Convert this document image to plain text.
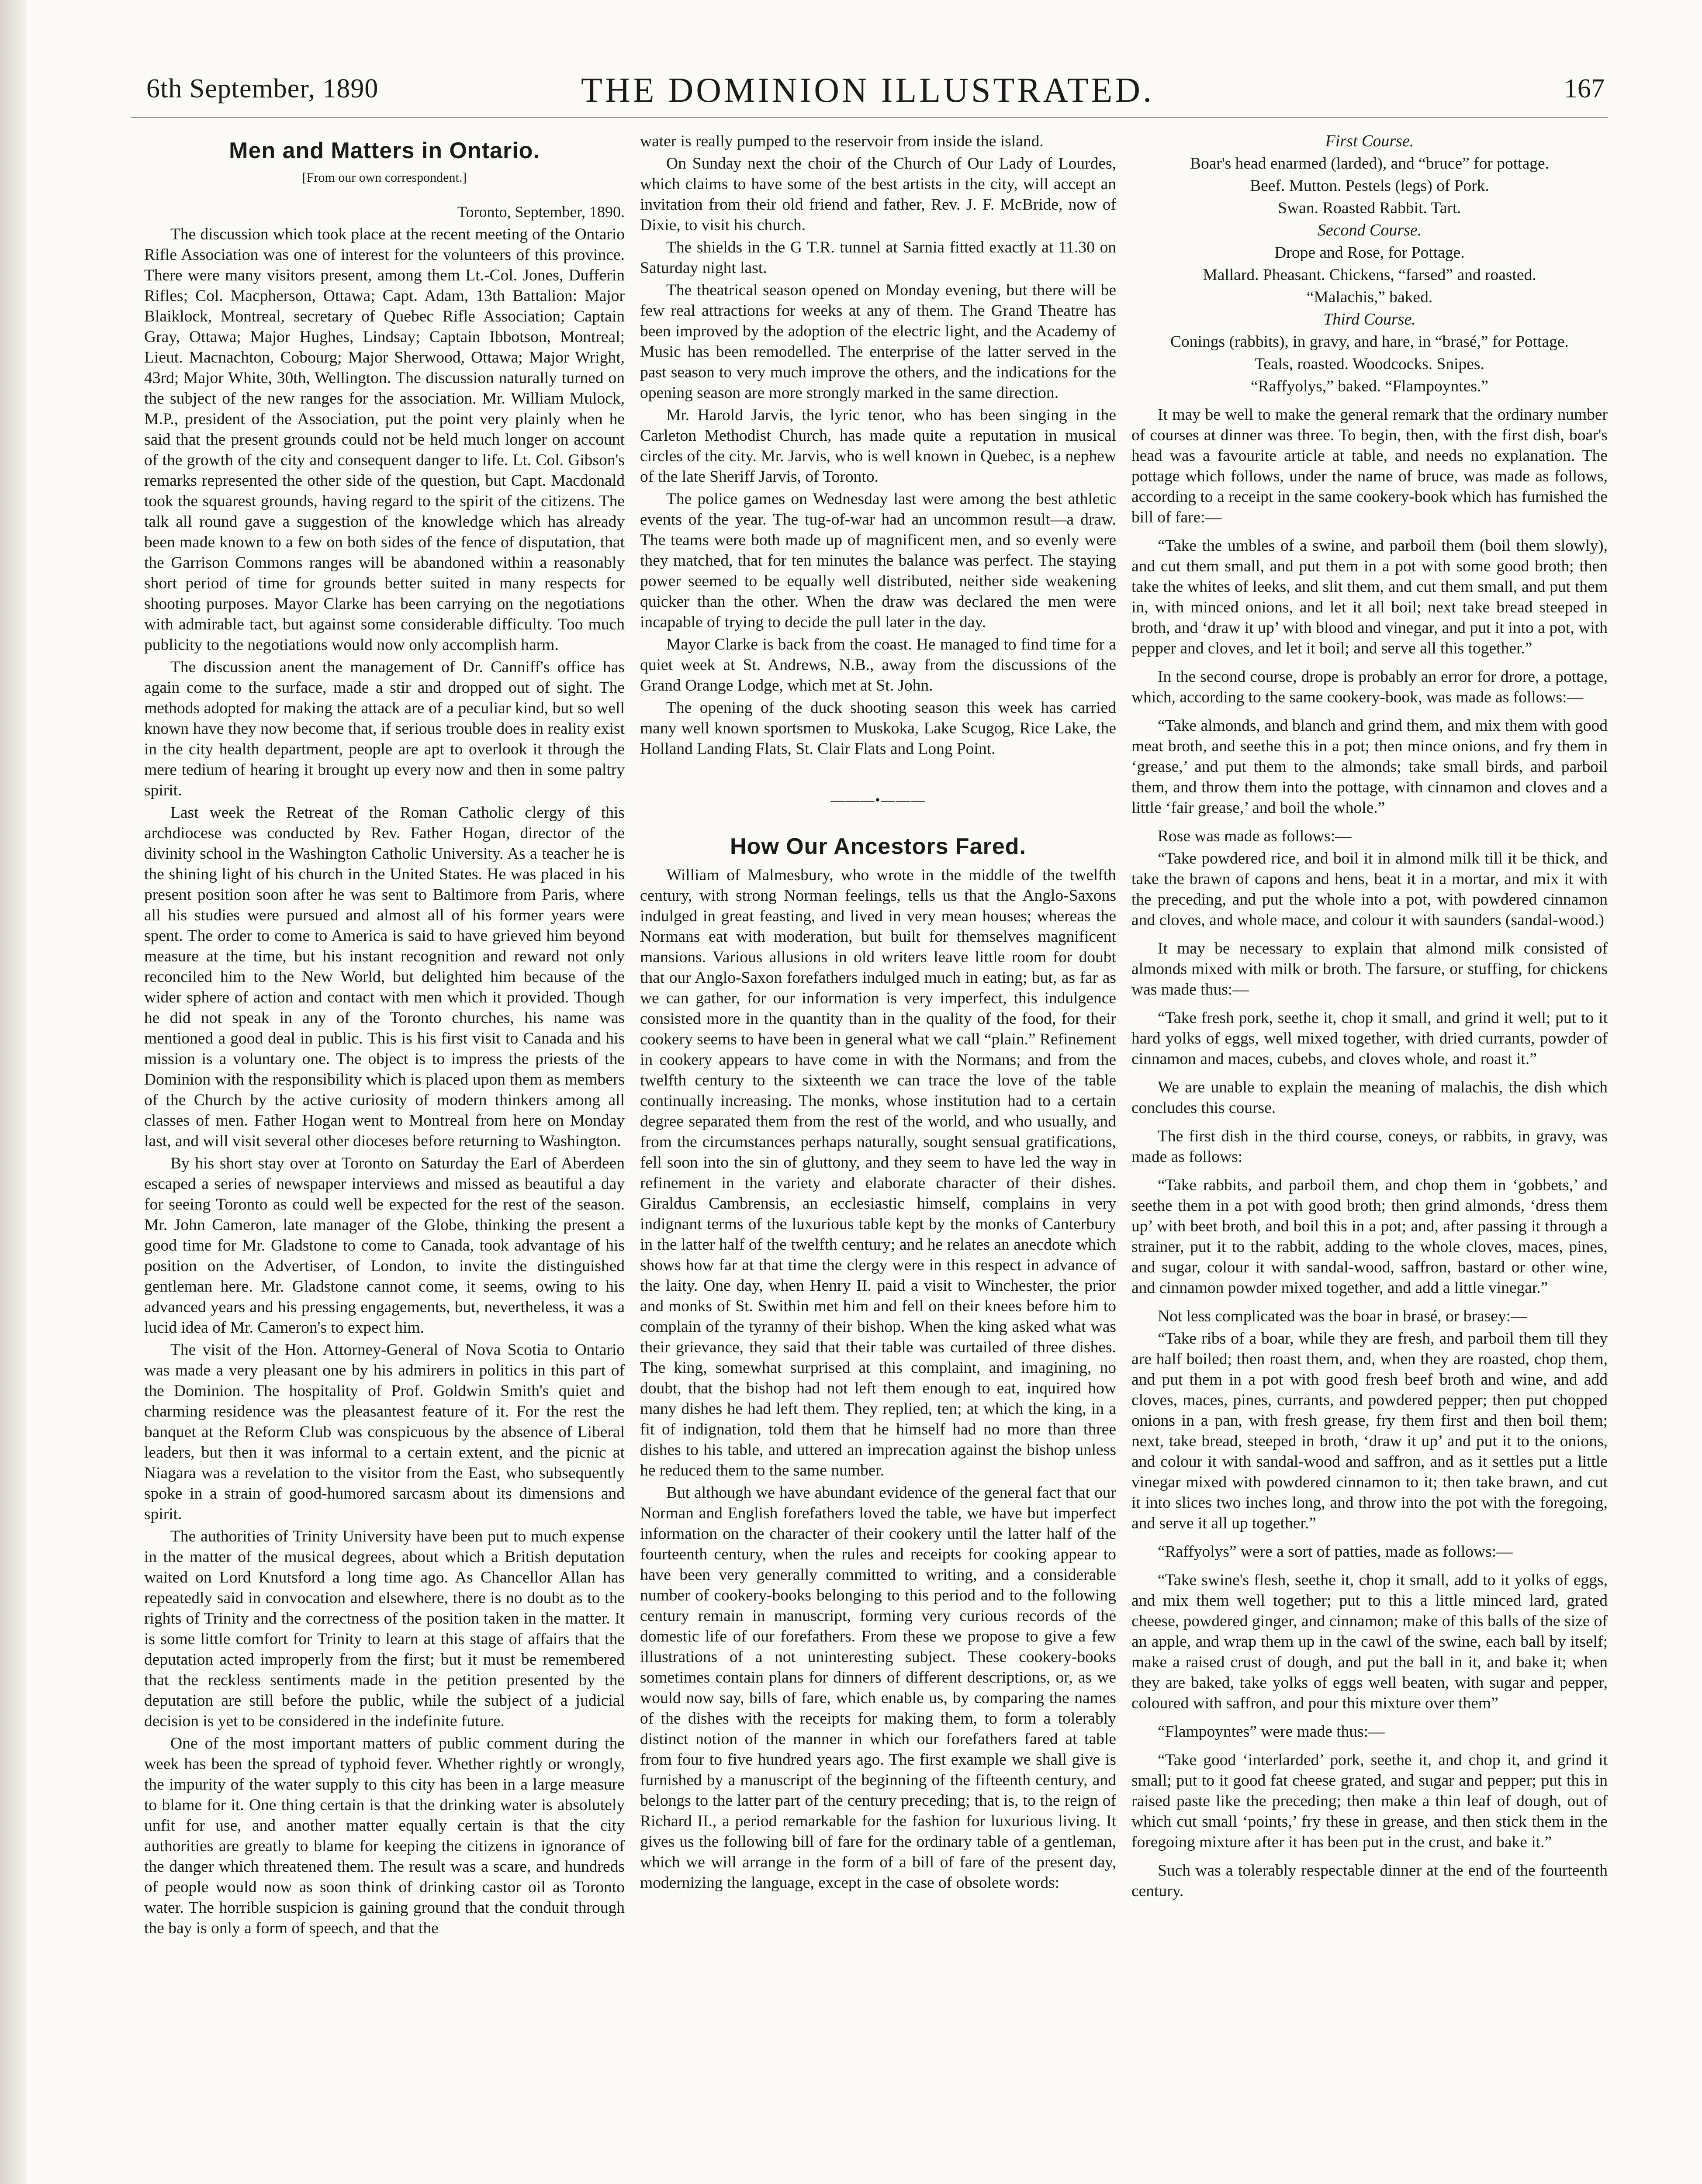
6th September, 1890	THE DOMINION ILLUSTRATED.	167
Men and Matters in Ontario.
[From our own correspondent.]

Toronto, September, 1890.

The discussion which took place at the recent meeting of the Ontario Rifle Association was one of interest for the volunteers of this province. There were many visitors present, among them Lt.-Col. Jones, Dufferin Rifles; Col. Macpherson, Ottawa; Capt. Adam, 13th Battalion: Major Blaiklock, Montreal, secretary of Quebec Rifle Association; Captain Gray, Ottawa; Major Hughes, Lindsay; Captain Ibbotson, Montreal; Lieut. Macnachton, Cobourg; Major Sherwood, Ottawa; Major Wright, 43rd; Major White, 30th, Wellington. The discussion naturally turned on the subject of the new ranges for the association. Mr. William Mulock, M.P., president of the Association, put the point very plainly when he said that the present grounds could not be held much longer on account of the growth of the city and consequent danger to life. Lt. Col. Gibson's remarks represented the other side of the question, but Capt. Macdonald took the squarest grounds, having regard to the spirit of the citizens. The talk all round gave a suggestion of the knowledge which has already been made known to a few on both sides of the fence of disputation, that the Garrison Commons ranges will be abandoned within a reasonably short period of time for grounds better suited in many respects for shooting purposes. Mayor Clarke has been carrying on the negotiations with admirable tact, but against some considerable difficulty. Too much publicity to the negotiations would now only accomplish harm.

The discussion anent the management of Dr. Canniff's office has again come to the surface, made a stir and dropped out of sight. The methods adopted for making the attack are of a peculiar kind, but so well known have they now become that, if serious trouble does in reality exist in the city health department, people are apt to overlook it through the mere tedium of hearing it brought up every now and then in some paltry spirit.

Last week the Retreat of the Roman Catholic clergy of this archdiocese was conducted by Rev. Father Hogan, director of the divinity school in the Washington Catholic University. As a teacher he is the shining light of his church in the United States. He was placed in his present position soon after he was sent to Baltimore from Paris, where all his studies were pursued and almost all of his former years were spent. The order to come to America is said to have grieved him beyond measure at the time, but his instant recognition and reward not only reconciled him to the New World, but delighted him because of the wider sphere of action and contact with men which it provided. Though he did not speak in any of the Toronto churches, his name was mentioned a good deal in public. This is his first visit to Canada and his mission is a voluntary one. The object is to impress the priests of the Dominion with the responsibility which is placed upon them as members of the Church by the active curiosity of modern thinkers among all classes of men. Father Hogan went to Montreal from here on Monday last, and will visit several other dioceses before returning to Washington.

By his short stay over at Toronto on Saturday the Earl of Aberdeen escaped a series of newspaper interviews and missed as beautiful a day for seeing Toronto as could well be expected for the rest of the season. Mr. John Cameron, late manager of the Globe, thinking the present a good time for Mr. Gladstone to come to Canada, took advantage of his position on the Advertiser, of London, to invite the distinguished gentleman here. Mr. Gladstone cannot come, it seems, owing to his advanced years and his pressing engagements, but, nevertheless, it was a lucid idea of Mr. Cameron's to expect him.

The visit of the Hon. Attorney-General of Nova Scotia to Ontario was made a very pleasant one by his admirers in politics in this part of the Dominion. The hospitality of Prof. Goldwin Smith's quiet and charming residence was the pleasantest feature of it. For the rest the banquet at the Reform Club was conspicuous by the absence of Liberal leaders, but then it was informal to a certain extent, and the picnic at Niagara was a revelation to the visitor from the East, who subsequently spoke in a strain of good-humored sarcasm about its dimensions and spirit.

The authorities of Trinity University have been put to much expense in the matter of the musical degrees, about which a British deputation waited on Lord Knutsford a long time ago. As Chancellor Allan has repeatedly said in convocation and elsewhere, there is no doubt as to the rights of Trinity and the correctness of the position taken in the matter. It is some little comfort for Trinity to learn at this stage of affairs that the deputation acted improperly from the first; but it must be remembered that the reckless sentiments made in the petition presented by the deputation are still before the public, while the subject of a judicial decision is yet to be considered in the indefinite future.

One of the most important matters of public comment during the week has been the spread of typhoid fever. Whether rightly or wrongly, the impurity of the water supply to this city has been in a large measure to blame for it. One thing certain is that the drinking water is absolutely unfit for use, and another matter equally certain is that the city authorities are greatly to blame for keeping the citizens in ignorance of the danger which threatened them. The result was a scare, and hundreds of people would now as soon think of drinking castor oil as Toronto water. The horrible suspicion is gaining ground that the conduit through the bay is only a form of speech, and that the

water is really pumped to the reservoir from inside the island.

On Sunday next the choir of the Church of Our Lady of Lourdes, which claims to have some of the best artists in the city, will accept an invitation from their old friend and father, Rev. J. F. McBride, now of Dixie, to visit his church.

The shields in the G T.R. tunnel at Sarnia fitted exactly at 11.30 on Saturday night last.

The theatrical season opened on Monday evening, but there will be few real attractions for weeks at any of them. The Grand Theatre has been improved by the adoption of the electric light, and the Academy of Music has been remodelled. The enterprise of the latter served in the past season to very much improve the others, and the indications for the opening season are more strongly marked in the same direction.

Mr. Harold Jarvis, the lyric tenor, who has been singing in the Carleton Methodist Church, has made quite a reputation in musical circles of the city. Mr. Jarvis, who is well known in Quebec, is a nephew of the late Sheriff Jarvis, of Toronto.

The police games on Wednesday last were among the best athletic events of the year. The tug-of-war had an uncommon result—a draw. The teams were both made up of magnificent men, and so evenly were they matched, that for ten minutes the balance was perfect. The staying power seemed to be equally well distributed, neither side weakening quicker than the other. When the draw was declared the men were incapable of trying to decide the pull later in the day.

Mayor Clarke is back from the coast. He managed to find time for a quiet week at St. Andrews, N.B., away from the discussions of the Grand Orange Lodge, which met at St. John.

The opening of the duck shooting season this week has carried many well known sportsmen to Muskoka, Lake Scugog, Rice Lake, the Holland Landing Flats, St. Clair Flats and Long Point.

———•———
How Our Ancestors Fared.

William of Malmesbury, who wrote in the middle of the twelfth century, with strong Norman feelings, tells us that the Anglo-Saxons indulged in great feasting, and lived in very mean houses; whereas the Normans eat with moderation, but built for themselves magnificent mansions. Various allusions in old writers leave little room for doubt that our Anglo-Saxon forefathers indulged much in eating; but, as far as we can gather, for our information is very imperfect, this indulgence consisted more in the quantity than in the quality of the food, for their cookery seems to have been in general what we call “plain.” Refinement in cookery appears to have come in with the Normans; and from the twelfth century to the sixteenth we can trace the love of the table continually increasing. The monks, whose institution had to a certain degree separated them from the rest of the world, and who usually, and from the circumstances perhaps naturally, sought sensual gratifications, fell soon into the sin of gluttony, and they seem to have led the way in refinement in the variety and elaborate character of their dishes. Giraldus Cambrensis, an ecclesiastic himself, complains in very indignant terms of the luxurious table kept by the monks of Canterbury in the latter half of the twelfth century; and he relates an anecdote which shows how far at that time the clergy were in this respect in advance of the laity. One day, when Henry II. paid a visit to Winchester, the prior and monks of St. Swithin met him and fell on their knees before him to complain of the tyranny of their bishop. When the king asked what was their grievance, they said that their table was curtailed of three dishes. The king, somewhat surprised at this complaint, and imagining, no doubt, that the bishop had not left them enough to eat, inquired how many dishes he had left them. They replied, ten; at which the king, in a fit of indignation, told them that he himself had no more than three dishes to his table, and uttered an imprecation against the bishop unless he reduced them to the same number.

But although we have abundant evidence of the general fact that our Norman and English forefathers loved the table, we have but imperfect information on the character of their cookery until the latter half of the fourteenth century, when the rules and receipts for cooking appear to have been very generally committed to writing, and a considerable number of cookery-books belonging to this period and to the following century remain in manuscript, forming very curious records of the domestic life of our forefathers. From these we propose to give a few illustrations of a not uninteresting subject. These cookery-books sometimes contain plans for dinners of different descriptions, or, as we would now say, bills of fare, which enable us, by comparing the names of the dishes with the receipts for making them, to form a tolerably distinct notion of the manner in which our forefathers fared at table from four to five hundred years ago. The first example we shall give is furnished by a manuscript of the beginning of the fifteenth century, and belongs to the latter part of the century preceding; that is, to the reign of Richard II., a period remarkable for the fashion for luxurious living. It gives us the following bill of fare for the ordinary table of a gentleman, which we will arrange in the form of a bill of fare of the present day, modernizing the language, except in the case of obsolete words:

First Course.

Boar's head enarmed (larded), and “bruce” for pottage.

Beef. Mutton. Pestels (legs) of Pork.

Swan. Roasted Rabbit. Tart.

Second Course.

Drope and Rose, for Pottage.

Mallard. Pheasant. Chickens, “farsed” and roasted.

“Malachis,” baked.

Third Course.

Conings (rabbits), in gravy, and hare, in “brasé,” for Pottage.

Teals, roasted. Woodcocks. Snipes.

“Raffyolys,” baked. “Flampoyntes.”

It may be well to make the general remark that the ordinary number of courses at dinner was three. To begin, then, with the first dish, boar's head was a favourite article at table, and needs no explanation. The pottage which follows, under the name of bruce, was made as follows, according to a receipt in the same cookery-book which has furnished the bill of fare:—

“Take the umbles of a swine, and parboil them (boil them slowly), and cut them small, and put them in a pot with some good broth; then take the whites of leeks, and slit them, and cut them small, and put them in, with minced onions, and let it all boil; next take bread steeped in broth, and ‘draw it up’ with blood and vinegar, and put it into a pot, with pepper and cloves, and let it boil; and serve all this together.”

In the second course, drope is probably an error for drore, a pottage, which, according to the same cookery-book, was made as follows:—

“Take almonds, and blanch and grind them, and mix them with good meat broth, and seethe this in a pot; then mince onions, and fry them in ‘grease,’ and put them to the almonds; take small birds, and parboil them, and throw them into the pottage, with cinnamon and cloves and a little ‘fair grease,’ and boil the whole.”

Rose was made as follows:—

“Take powdered rice, and boil it in almond milk till it be thick, and take the brawn of capons and hens, beat it in a mortar, and mix it with the preceding, and put the whole into a pot, with powdered cinnamon and cloves, and whole mace, and colour it with saunders (sandal-wood.)

It may be necessary to explain that almond milk consisted of almonds mixed with milk or broth. The farsure, or stuffing, for chickens was made thus:—

“Take fresh pork, seethe it, chop it small, and grind it well; put to it hard yolks of eggs, well mixed together, with dried currants, powder of cinnamon and maces, cubebs, and cloves whole, and roast it.”

We are unable to explain the meaning of malachis, the dish which concludes this course.

The first dish in the third course, coneys, or rabbits, in gravy, was made as follows:

“Take rabbits, and parboil them, and chop them in ‘gobbets,’ and seethe them in a pot with good broth; then grind almonds, ‘dress them up’ with beet broth, and boil this in a pot; and, after passing it through a strainer, put it to the rabbit, adding to the whole cloves, maces, pines, and sugar, colour it with sandal-wood, saffron, bastard or other wine, and cinnamon powder mixed together, and add a little vinegar.”

Not less complicated was the boar in brasé, or brasey:—

“Take ribs of a boar, while they are fresh, and parboil them till they are half boiled; then roast them, and, when they are roasted, chop them, and put them in a pot with good fresh beef broth and wine, and add cloves, maces, pines, currants, and powdered pepper; then put chopped onions in a pan, with fresh grease, fry them first and then boil them; next, take bread, steeped in broth, ‘draw it up’ and put it to the onions, and colour it with sandal-wood and saffron, and as it settles put a little vinegar mixed with powdered cinnamon to it; then take brawn, and cut it into slices two inches long, and throw into the pot with the foregoing, and serve it all up together.”

“Raffyolys” were a sort of patties, made as follows:—

“Take swine's flesh, seethe it, chop it small, add to it yolks of eggs, and mix them well together; put to this a little minced lard, grated cheese, powdered ginger, and cinnamon; make of this balls of the size of an apple, and wrap them up in the cawl of the swine, each ball by itself; make a raised crust of dough, and put the ball in it, and bake it; when they are baked, take yolks of eggs well beaten, with sugar and pepper, coloured with saffron, and pour this mixture over them”

“Flampoyntes” were made thus:—

“Take good ‘interlarded’ pork, seethe it, and chop it, and grind it small; put to it good fat cheese grated, and sugar and pepper; put this in raised paste like the preceding; then make a thin leaf of dough, out of which cut small ‘points,’ fry these in grease, and then stick them in the foregoing mixture after it has been put in the crust, and bake it.”

Such was a tolerably respectable dinner at the end of the fourteenth century.
